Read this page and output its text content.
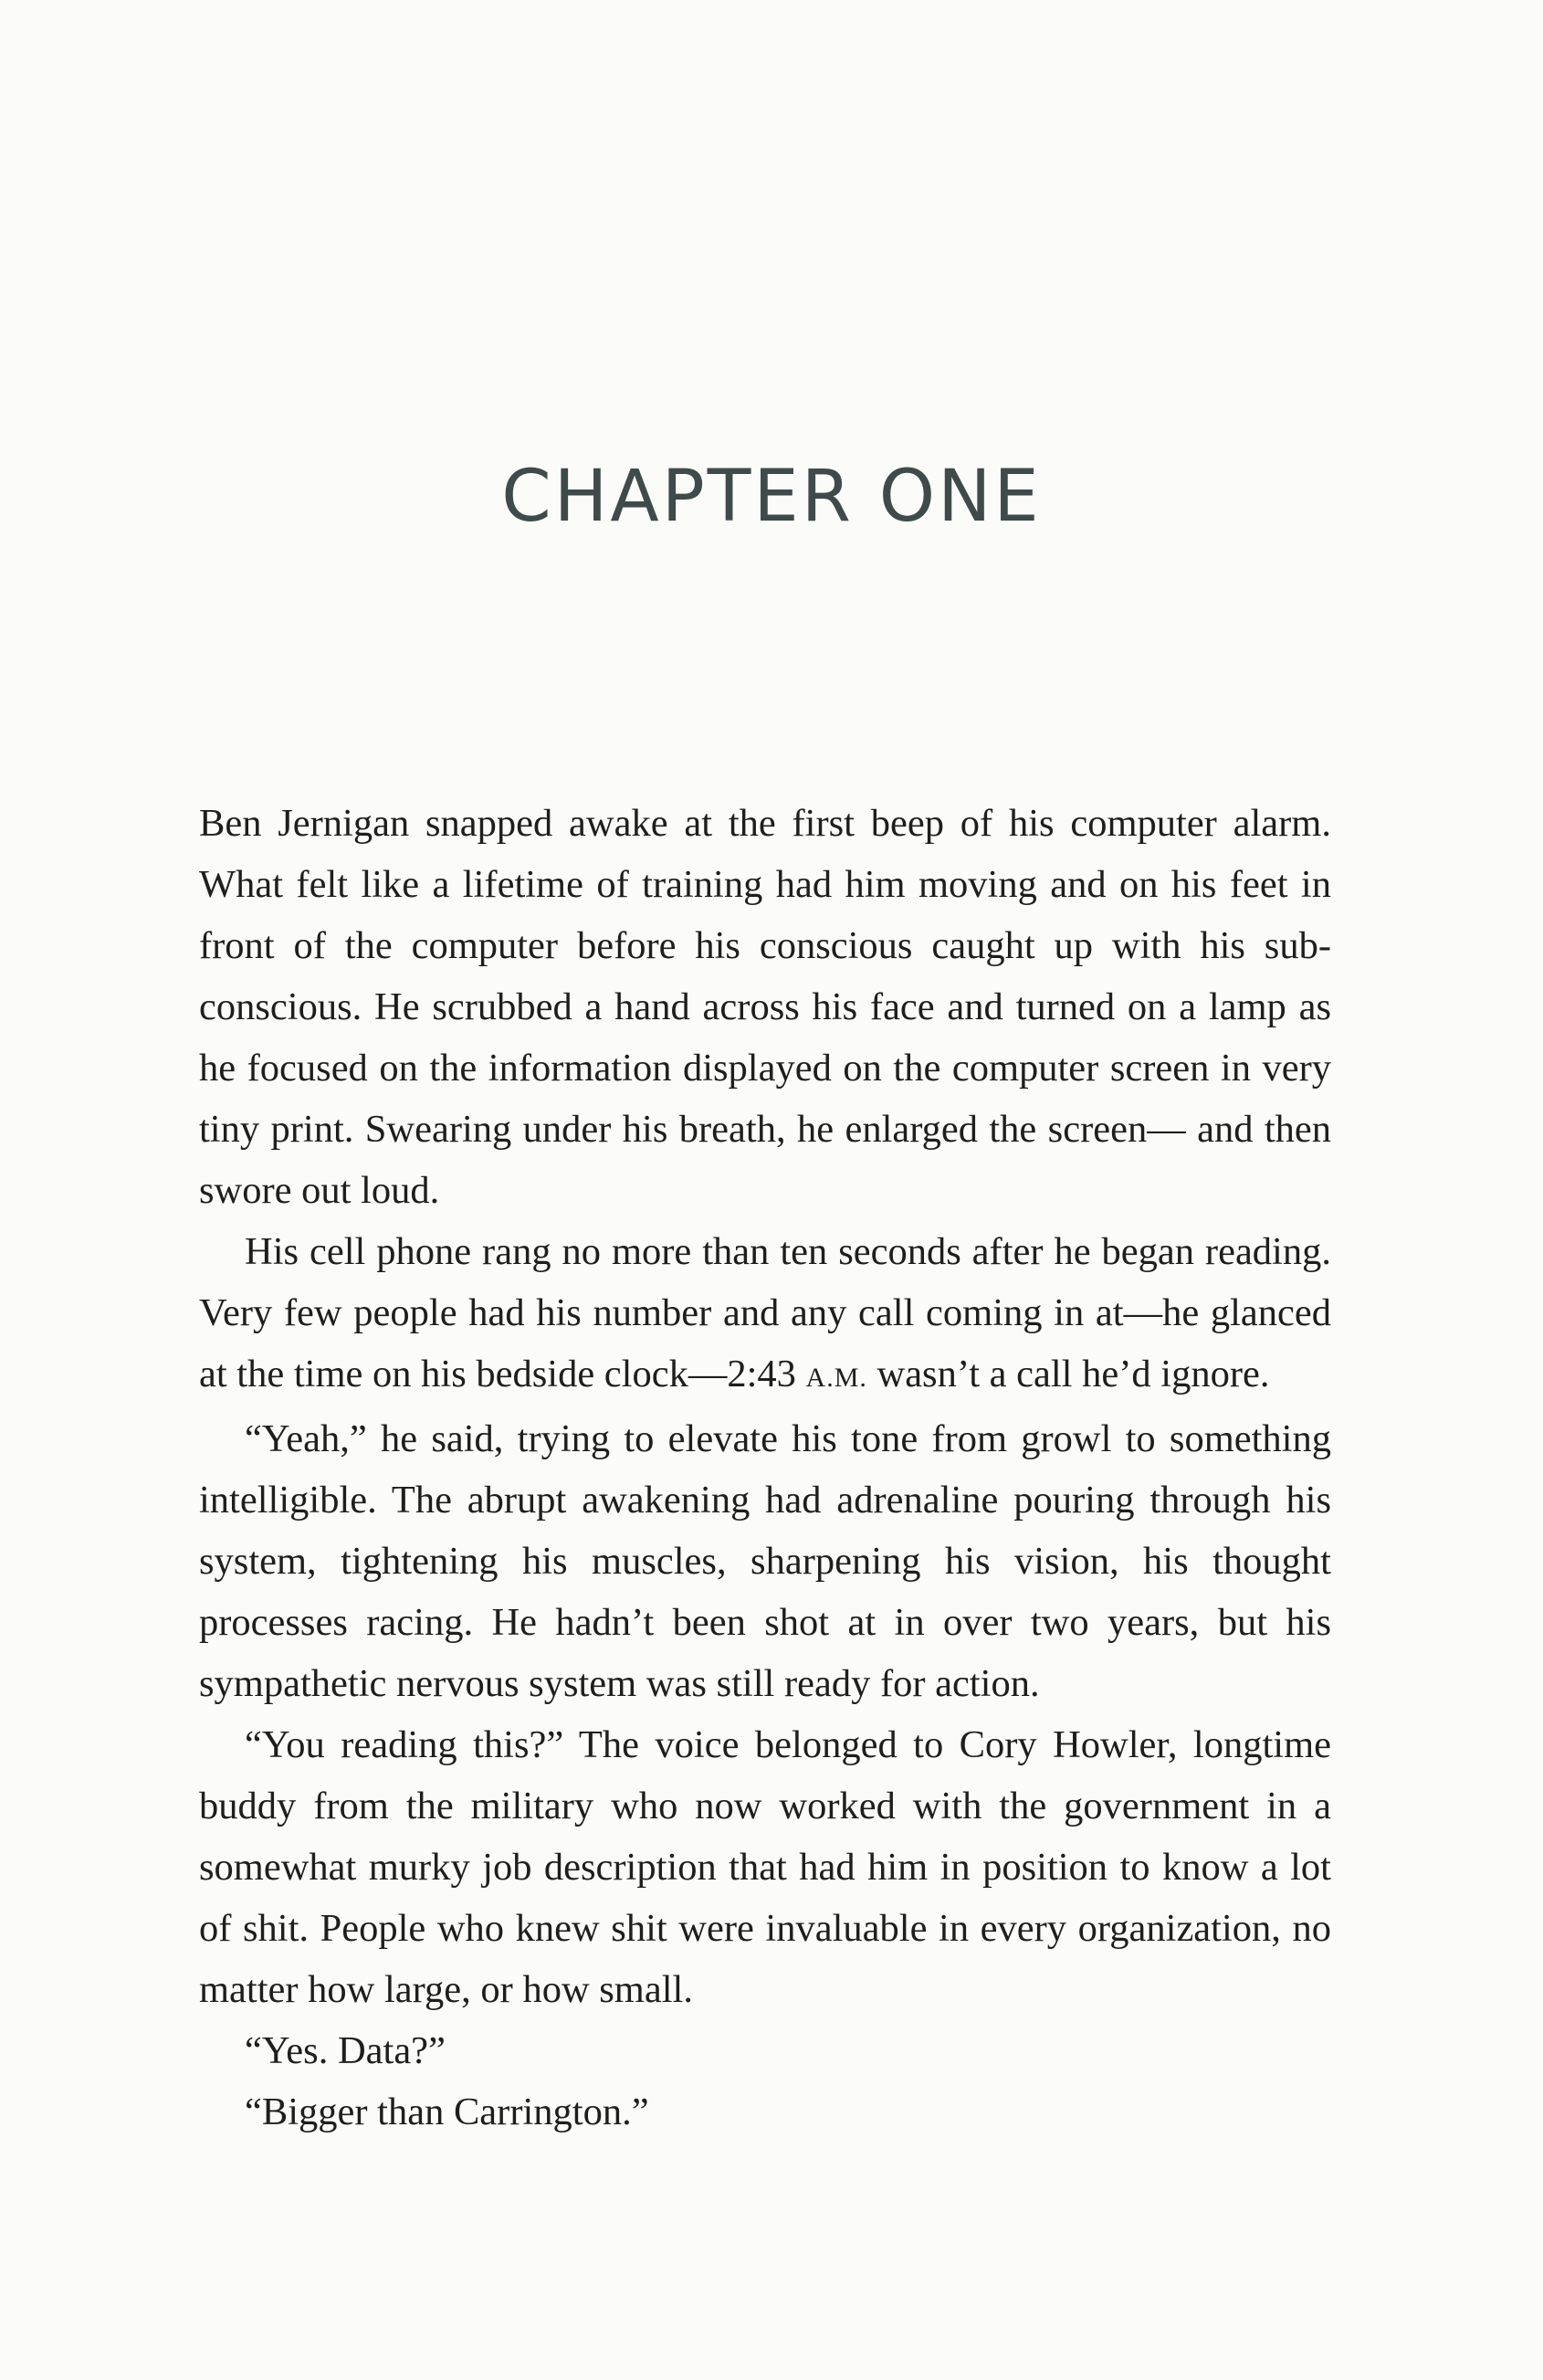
CHAPTER ONE

Ben Jernigan snapped awake at the first beep of his computer alarm. What felt like a lifetime of training had him moving and on his feet in front of the computer before his conscious caught up with his subconscious. He scrubbed a hand across his face and turned on a lamp as he focused on the information displayed on the computer screen in very tiny print. Swearing under his breath, he enlarged the screen— and then swore out loud.

His cell phone rang no more than ten seconds after he began reading. Very few people had his number and any call coming in at—he glanced at the time on his bedside clock—2:43 A.M. wasn’t a call he’d ignore.

“Yeah,” he said, trying to elevate his tone from growl to something intelligible. The abrupt awakening had adrenaline pouring through his system, tightening his muscles, sharpening his vision, his thought processes racing. He hadn’t been shot at in over two years, but his sympathetic nervous system was still ready for action.

“You reading this?” The voice belonged to Cory Howler, longtime buddy from the military who now worked with the government in a somewhat murky job description that had him in position to know a lot of shit. People who knew shit were invaluable in every organization, no matter how large, or how small.

“Yes. Data?”

“Bigger than Carrington.”
